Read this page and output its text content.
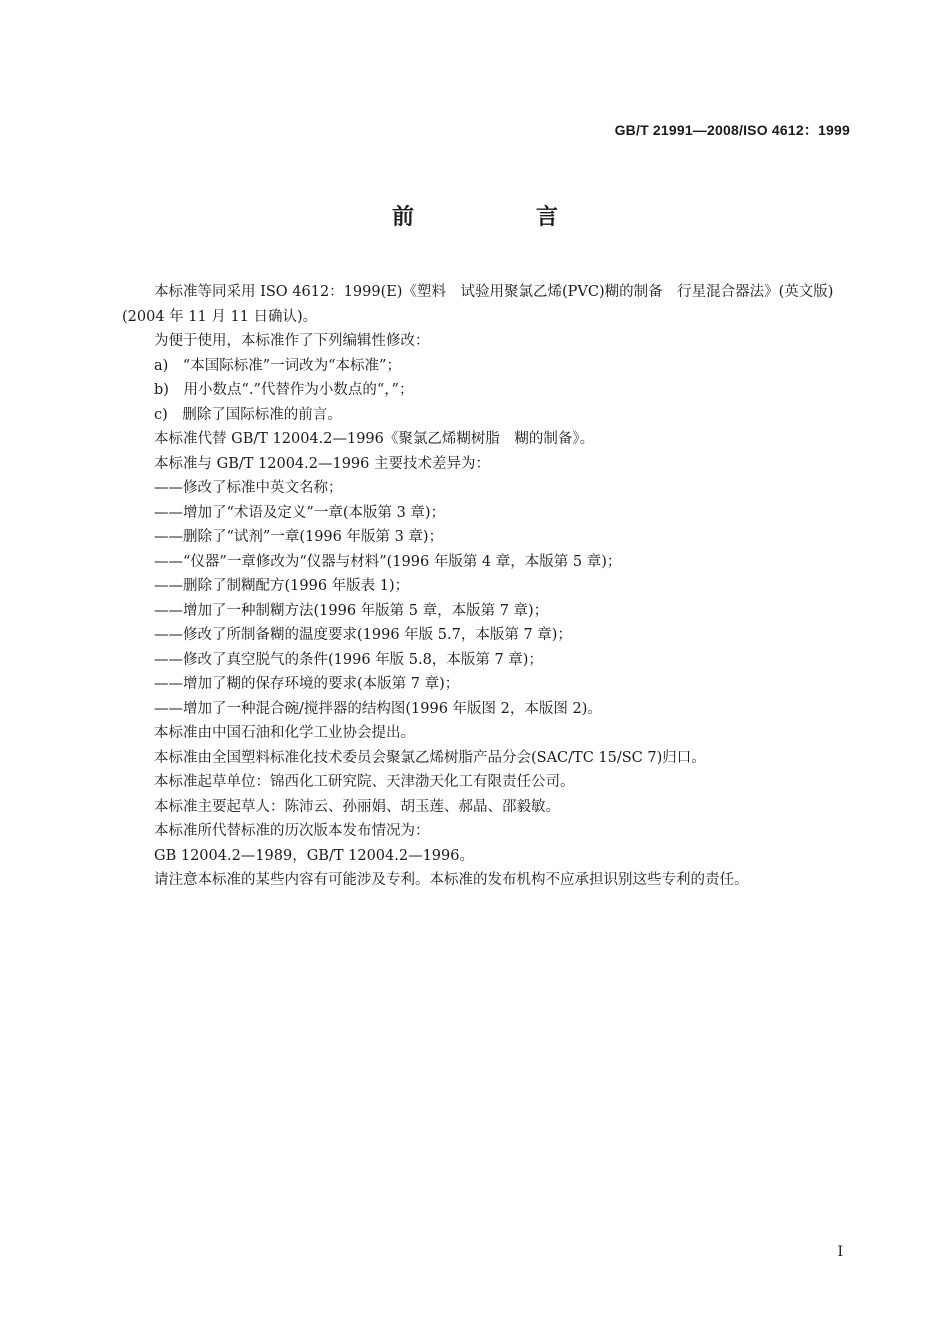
GB/T 21991—2008/ISO 4612：1999
前　言

本标准等同采用 ISO 4612：1999(E)《塑料　试验用聚氯乙烯(PVC)糊的制备　行星混合器法》(英文版)(2004 年 11 月 11 日确认)。

为便于使用，本标准作了下列编辑性修改：

a)　“本国际标准”一词改为“本标准”；

b)　用小数点“.”代替作为小数点的“，”；

c)　删除了国际标准的前言。

本标准代替 GB/T 12004.2—1996《聚氯乙烯糊树脂　糊的制备》。

本标准与 GB/T 12004.2—1996 主要技术差异为：

——修改了标准中英文名称；

——增加了“术语及定义”一章(本版第 3 章)；

——删除了“试剂”一章(1996 年版第 3 章)；

——“仪器”一章修改为“仪器与材料”(1996 年版第 4 章，本版第 5 章)；

——删除了制糊配方(1996 年版表 1)；

——增加了一种制糊方法(1996 年版第 5 章，本版第 7 章)；

——修改了所制备糊的温度要求(1996 年版 5.7，本版第 7 章)；

——修改了真空脱气的条件(1996 年版 5.8，本版第 7 章)；

——增加了糊的保存环境的要求(本版第 7 章)；

——增加了一种混合碗/搅拌器的结构图(1996 年版图 2，本版图 2)。

本标准由中国石油和化学工业协会提出。

本标准由全国塑料标准化技术委员会聚氯乙烯树脂产品分会(SAC/TC 15/SC 7)归口。

本标准起草单位：锦西化工研究院、天津渤天化工有限责任公司。

本标准主要起草人：陈沛云、孙丽娟、胡玉莲、郝晶、邵毅敏。

本标准所代替标准的历次版本发布情况为：

GB 12004.2—1989，GB/T 12004.2—1996。

请注意本标准的某些内容有可能涉及专利。本标准的发布机构不应承担识别这些专利的责任。

I
